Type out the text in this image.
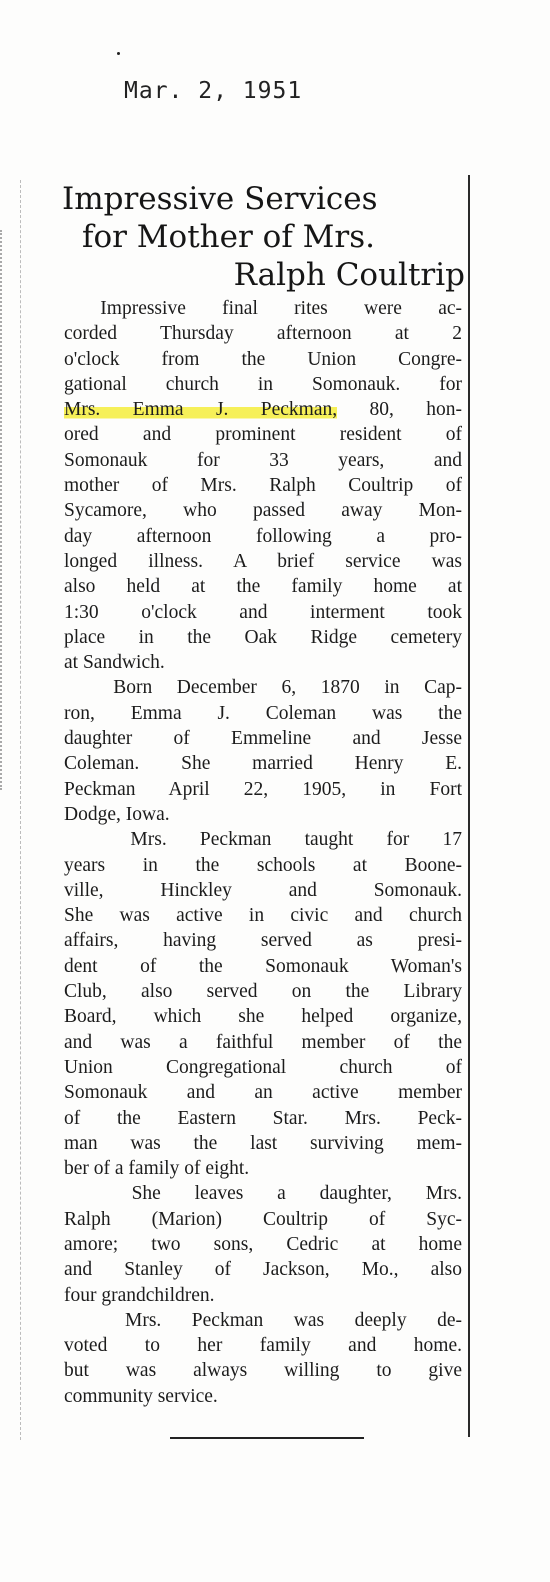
Mar. 2, 1951
Impressive Services
for Mother of Mrs.
Ralph Coultrip
Impressive final rites were ac-
corded Thursday afternoon at 2
o'clock from the Union Congre-
gational church in Somonauk. for
Mrs. Emma J. Peckman, 80, hon-
ored and prominent resident of
Somonauk for 33 years, and
mother of Mrs. Ralph Coultrip of
Sycamore, who passed away Mon-
day afternoon following a pro-
longed illness. A brief service was
also held at the family home at
1:30 o'clock and interment took
place in the Oak Ridge cemetery
at Sandwich.
Born December 6, 1870 in Cap-
ron, Emma J. Coleman was the
daughter of Emmeline and Jesse
Coleman. She married Henry E.
Peckman April 22, 1905, in Fort
Dodge, Iowa.
Mrs. Peckman taught for 17
years in the schools at Boone-
ville, Hinckley and Somonauk.
She was active in civic and church
affairs, having served as presi-
dent of the Somonauk Woman's
Club, also served on the Library
Board, which she helped organize,
and was a faithful member of the
Union Congregational church of
Somonauk and an active member
of the Eastern Star. Mrs. Peck-
man was the last surviving mem-
ber of a family of eight.
She leaves a daughter, Mrs.
Ralph (Marion) Coultrip of Syc-
amore; two sons, Cedric at home
and Stanley of Jackson, Mo., also
four grandchildren.
Mrs. Peckman was deeply de-
voted to her family and home.
but was always willing to give
community service.
